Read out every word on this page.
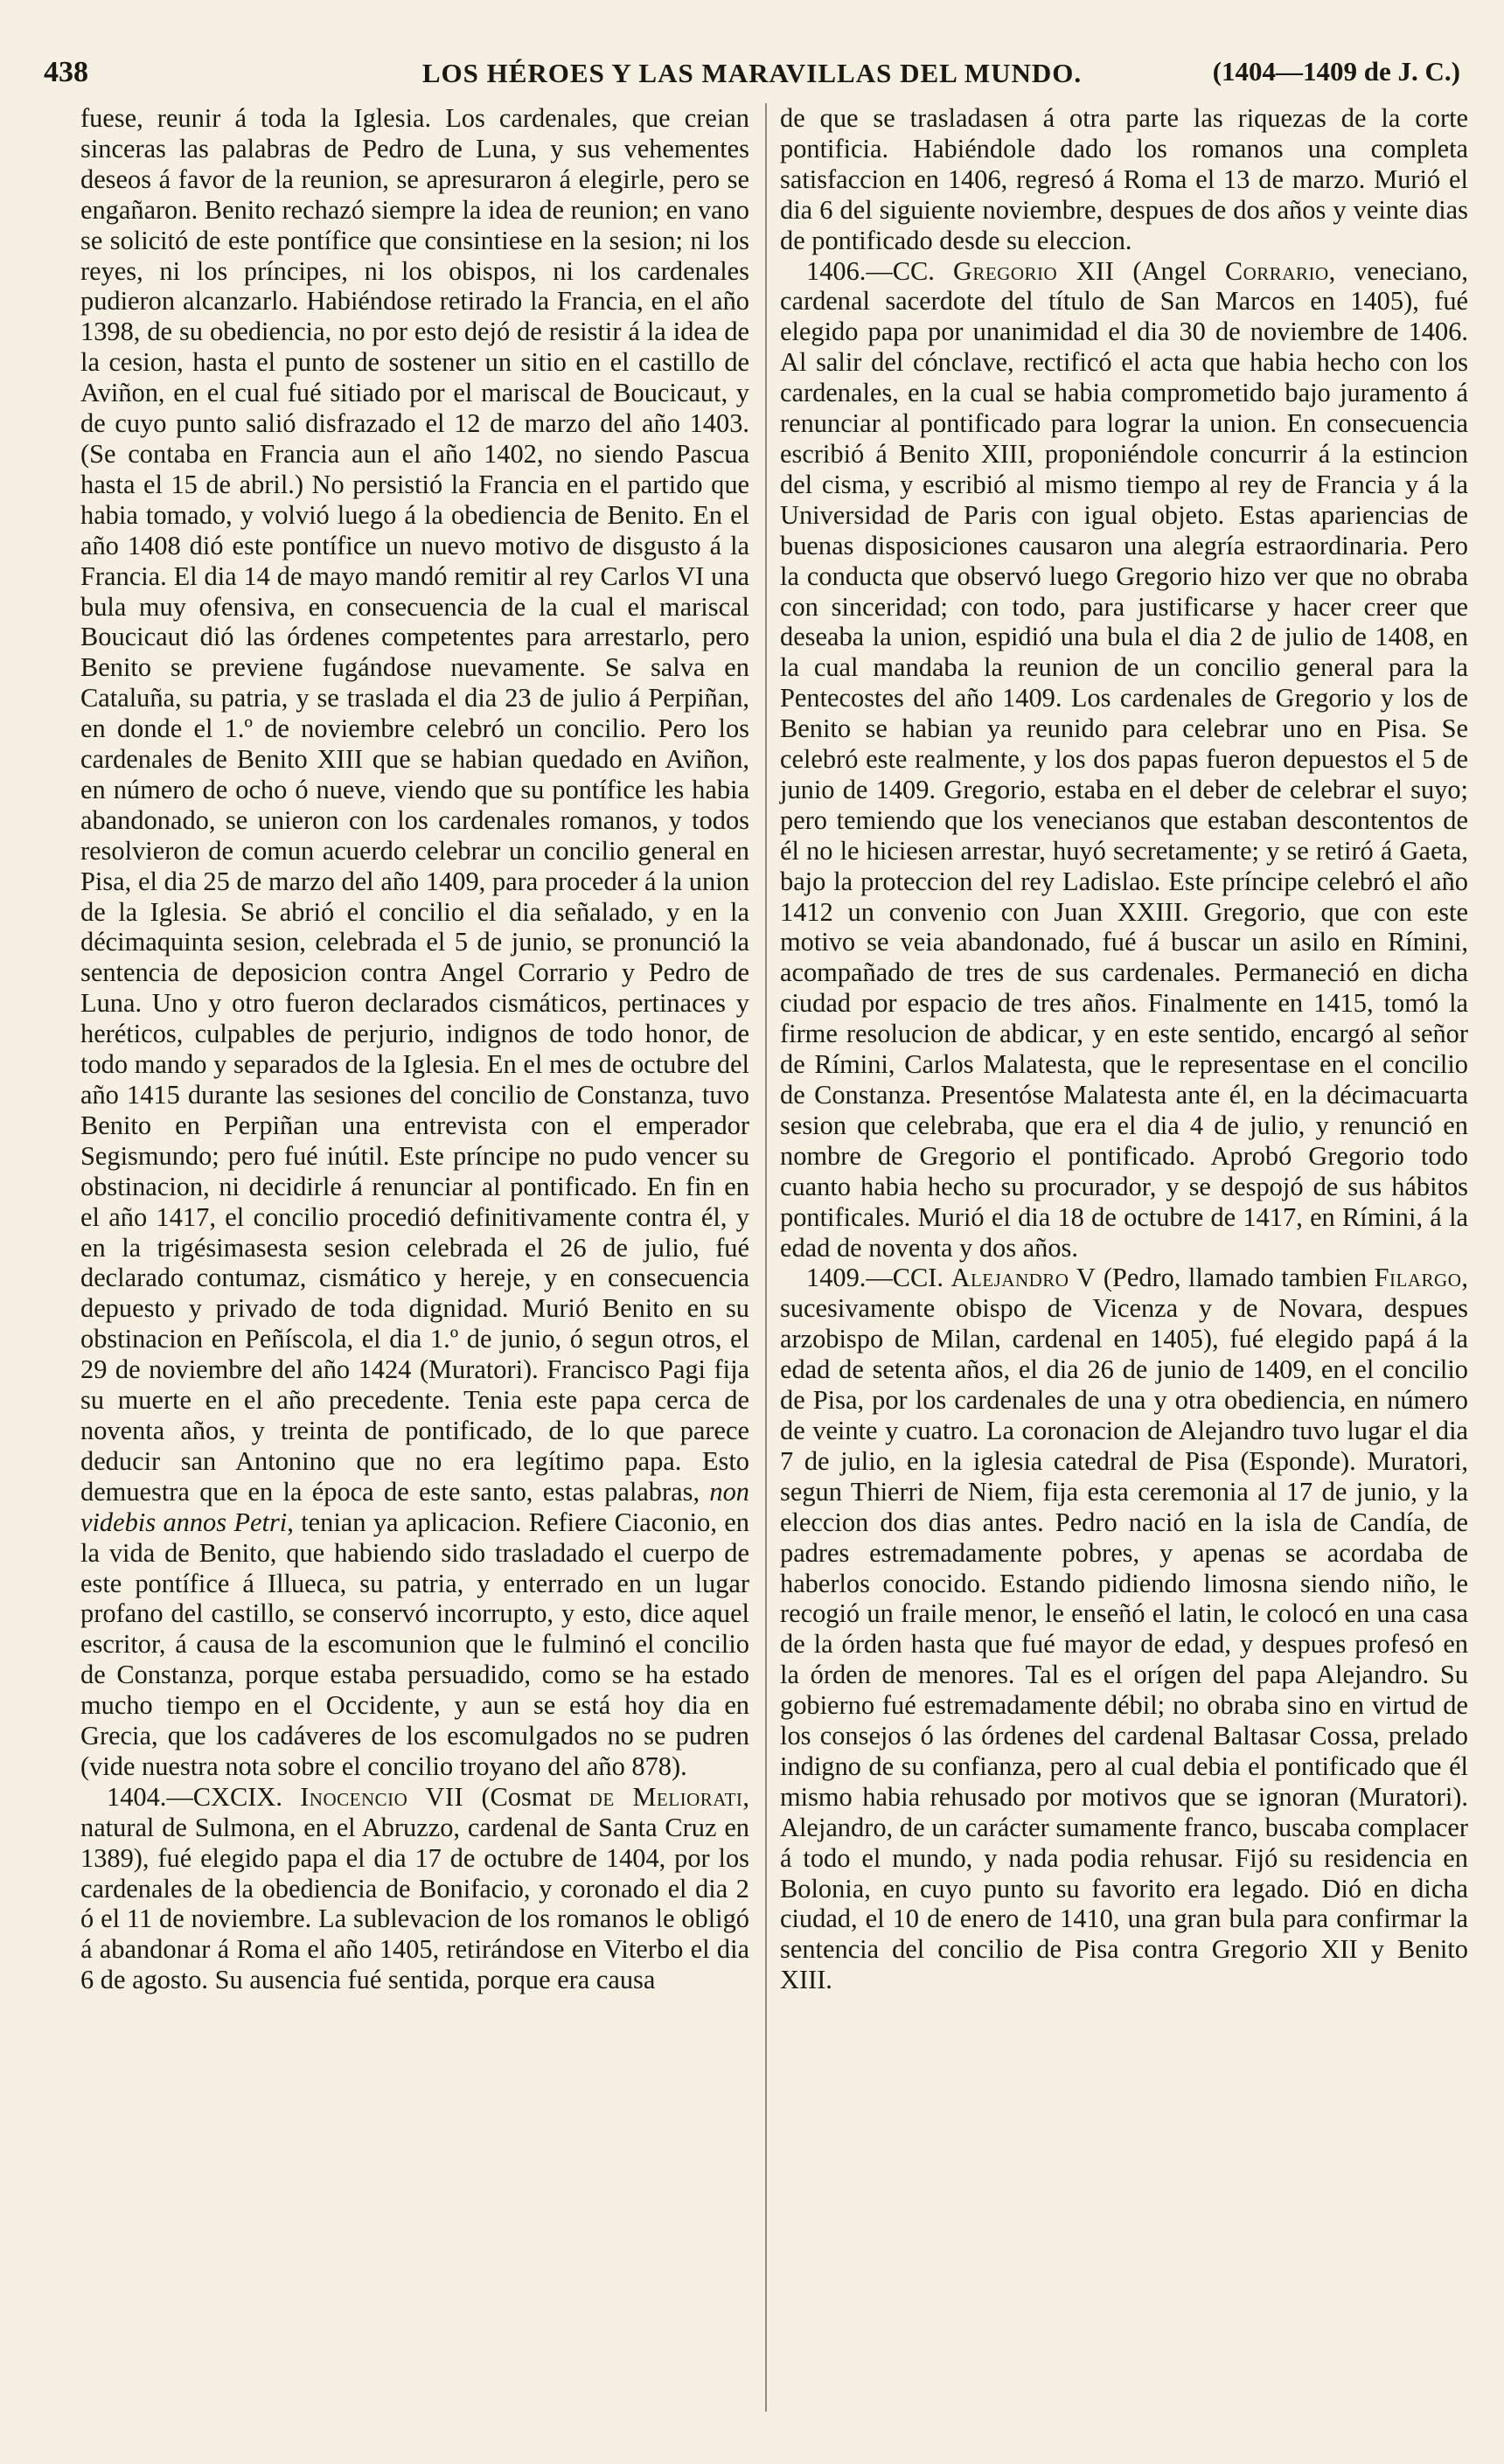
438	LOS HÉROES Y LAS MARAVILLAS DEL MUNDO.	(1404—1409 de J. C.)

fuese, reunir á toda la Iglesia. Los cardenales, que creian sinceras las palabras de Pedro de Luna, y sus vehementes deseos á favor de la reunion, se apresuraron á elegirle, pero se engañaron. Benito rechazó siempre la idea de reunion; en vano se solicitó de este pontífice que consintiese en la sesion; ni los reyes, ni los príncipes, ni los obispos, ni los cardenales pudieron alcanzarlo. Habiéndose retirado la Francia, en el año 1398, de su obediencia, no por esto dejó de resistir á la idea de la cesion, hasta el punto de sostener un sitio en el castillo de Aviñon, en el cual fué sitiado por el mariscal de Boucicaut, y de cuyo punto salió disfrazado el 12 de marzo del año 1403. (Se contaba en Francia aun el año 1402, no siendo Pascua hasta el 15 de abril.) No persistió la Francia en el partido que habia tomado, y volvió luego á la obediencia de Benito. En el año 1408 dió este pontífice un nuevo motivo de disgusto á la Francia. El dia 14 de mayo mandó remitir al rey Carlos VI una bula muy ofensiva, en consecuencia de la cual el mariscal Boucicaut dió las órdenes competentes para arrestarlo, pero Benito se previene fugándose nuevamente. Se salva en Cataluña, su patria, y se traslada el dia 23 de julio á Perpiñan, en donde el 1.º de noviembre celebró un concilio. Pero los cardenales de Benito XIII que se habian quedado en Aviñon, en número de ocho ó nueve, viendo que su pontífice les habia abandonado, se unieron con los cardenales romanos, y todos resolvieron de comun acuerdo celebrar un concilio general en Pisa, el dia 25 de marzo del año 1409, para proceder á la union de la Iglesia. Se abrió el concilio el dia señalado, y en la décimaquinta sesion, celebrada el 5 de junio, se pronunció la sentencia de deposicion contra Angel Corrario y Pedro de Luna. Uno y otro fueron declarados cismáticos, pertinaces y heréticos, culpables de perjurio, indignos de todo honor, de todo mando y separados de la Iglesia. En el mes de octubre del año 1415 durante las sesiones del concilio de Constanza, tuvo Benito en Perpiñan una entrevista con el emperador Segismundo; pero fué inútil. Este príncipe no pudo vencer su obstinacion, ni decidirle á renunciar al pontificado. En fin en el año 1417, el concilio procedió definitivamente contra él, y en la trigésimasesta sesion celebrada el 26 de julio, fué declarado contumaz, cismático y hereje, y en consecuencia depuesto y privado de toda dignidad. Murió Benito en su obstinacion en Peñíscola, el dia 1.º de junio, ó segun otros, el 29 de noviembre del año 1424 (Muratori). Francisco Pagi fija su muerte en el año precedente. Tenia este papa cerca de noventa años, y treinta de pontificado, de lo que parece deducir san Antonino que no era legítimo papa. Esto demuestra que en la época de este santo, estas palabras, non videbis annos Petri, tenian ya aplicacion. Refiere Ciaconio, en la vida de Benito, que habiendo sido trasladado el cuerpo de este pontífice á Illueca, su patria, y enterrado en un lugar profano del castillo, se conservó incorrupto, y esto, dice aquel escritor, á causa de la escomunion que le fulminó el concilio de Constanza, porque estaba persuadido, como se ha estado mucho tiempo en el Occidente, y aun se está hoy dia en Grecia, que los cadáveres de los escomulgados no se pudren (vide nuestra nota sobre el concilio troyano del año 878).

1404.—CXCIX. Inocencio VII (Cosmat de Meliorati, natural de Sulmona, en el Abruzzo, cardenal de Santa Cruz en 1389), fué elegido papa el dia 17 de octubre de 1404, por los cardenales de la obediencia de Bonifacio, y coronado el dia 2 ó el 11 de noviembre. La sublevacion de los romanos le obligó á abandonar á Roma el año 1405, retirándose en Viterbo el dia 6 de agosto. Su ausencia fué sentida, porque era causa

de que se trasladasen á otra parte las riquezas de la corte pontificia. Habiéndole dado los romanos una completa satisfaccion en 1406, regresó á Roma el 13 de marzo. Murió el dia 6 del siguiente noviembre, despues de dos años y veinte dias de pontificado desde su eleccion.

1406.—CC. Gregorio XII (Angel Corrario, veneciano, cardenal sacerdote del título de San Marcos en 1405), fué elegido papa por unanimidad el dia 30 de noviembre de 1406. Al salir del cónclave, rectificó el acta que habia hecho con los cardenales, en la cual se habia comprometido bajo juramento á renunciar al pontificado para lograr la union. En consecuencia escribió á Benito XIII, proponiéndole concurrir á la estincion del cisma, y escribió al mismo tiempo al rey de Francia y á la Universidad de Paris con igual objeto. Estas apariencias de buenas disposiciones causaron una alegría estraordinaria. Pero la conducta que observó luego Gregorio hizo ver que no obraba con sinceridad; con todo, para justificarse y hacer creer que deseaba la union, espidió una bula el dia 2 de julio de 1408, en la cual mandaba la reunion de un concilio general para la Pentecostes del año 1409. Los cardenales de Gregorio y los de Benito se habian ya reunido para celebrar uno en Pisa. Se celebró este realmente, y los dos papas fueron depuestos el 5 de junio de 1409. Gregorio, estaba en el deber de celebrar el suyo; pero temiendo que los venecianos que estaban descontentos de él no le hiciesen arrestar, huyó secretamente; y se retiró á Gaeta, bajo la proteccion del rey Ladislao. Este príncipe celebró el año 1412 un convenio con Juan XXIII. Gregorio, que con este motivo se veia abandonado, fué á buscar un asilo en Rímini, acompañado de tres de sus cardenales. Permaneció en dicha ciudad por espacio de tres años. Finalmente en 1415, tomó la firme resolucion de abdicar, y en este sentido, encargó al señor de Rímini, Carlos Malatesta, que le representase en el concilio de Constanza. Presentóse Malatesta ante él, en la décimacuarta sesion que celebraba, que era el dia 4 de julio, y renunció en nombre de Gregorio el pontificado. Aprobó Gregorio todo cuanto habia hecho su procurador, y se despojó de sus hábitos pontificales. Murió el dia 18 de octubre de 1417, en Rímini, á la edad de noventa y dos años.

1409.—CCI. Alejandro V (Pedro, llamado tambien Filargo, sucesivamente obispo de Vicenza y de Novara, despues arzobispo de Milan, cardenal en 1405), fué elegido papá á la edad de setenta años, el dia 26 de junio de 1409, en el concilio de Pisa, por los cardenales de una y otra obediencia, en número de veinte y cuatro. La coronacion de Alejandro tuvo lugar el dia 7 de julio, en la iglesia catedral de Pisa (Esponde). Muratori, segun Thierri de Niem, fija esta ceremonia al 17 de junio, y la eleccion dos dias antes. Pedro nació en la isla de Candía, de padres estremadamente pobres, y apenas se acordaba de haberlos conocido. Estando pidiendo limosna siendo niño, le recogió un fraile menor, le enseñó el latin, le colocó en una casa de la órden hasta que fué mayor de edad, y despues profesó en la órden de menores. Tal es el orígen del papa Alejandro. Su gobierno fué estremadamente débil; no obraba sino en virtud de los consejos ó las órdenes del cardenal Baltasar Cossa, prelado indigno de su confianza, pero al cual debia el pontificado que él mismo habia rehusado por motivos que se ignoran (Muratori). Alejandro, de un carácter sumamente franco, buscaba complacer á todo el mundo, y nada podia rehusar. Fijó su residencia en Bolonia, en cuyo punto su favorito era legado. Dió en dicha ciudad, el 10 de enero de 1410, una gran bula para confirmar la sentencia del concilio de Pisa contra Gregorio XII y Benito XIII.
